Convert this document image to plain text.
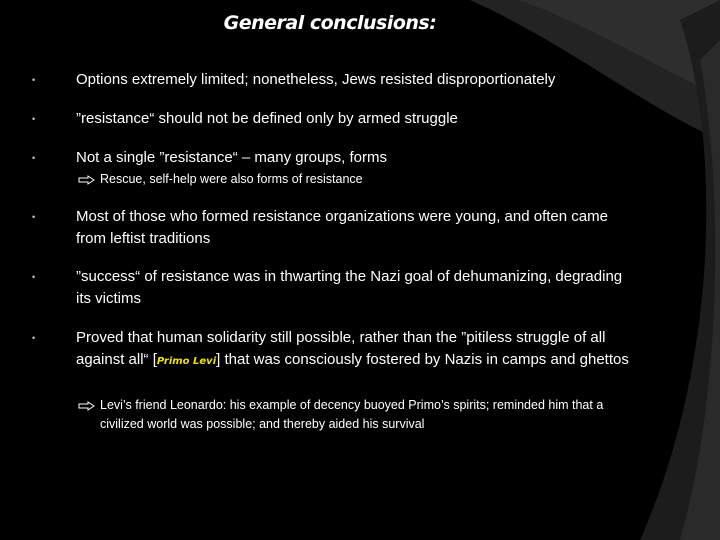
General conclusions:
•	Options extremely limited; nonetheless, Jews resisted disproportionately
•	”resistance“ should not be defined only by armed struggle
•	Not a single ”resistance“ – many groups, forms
Rescue, self-help were also forms of resistance
•	Most of those who formed resistance organizations were young, and often came from leftist traditions
•	”success“ of resistance was in thwarting the Nazi goal of dehumanizing, degrading its victims
•	Proved that human solidarity still possible, rather than the ”pitiless struggle of all against all“ [Primo Levi] that was consciously fostered by Nazis in camps and ghettos
Levi’s friend Leonardo: his example of decency buoyed Primo’s spirits; reminded him that a civilized world was possible; and thereby aided his survival
